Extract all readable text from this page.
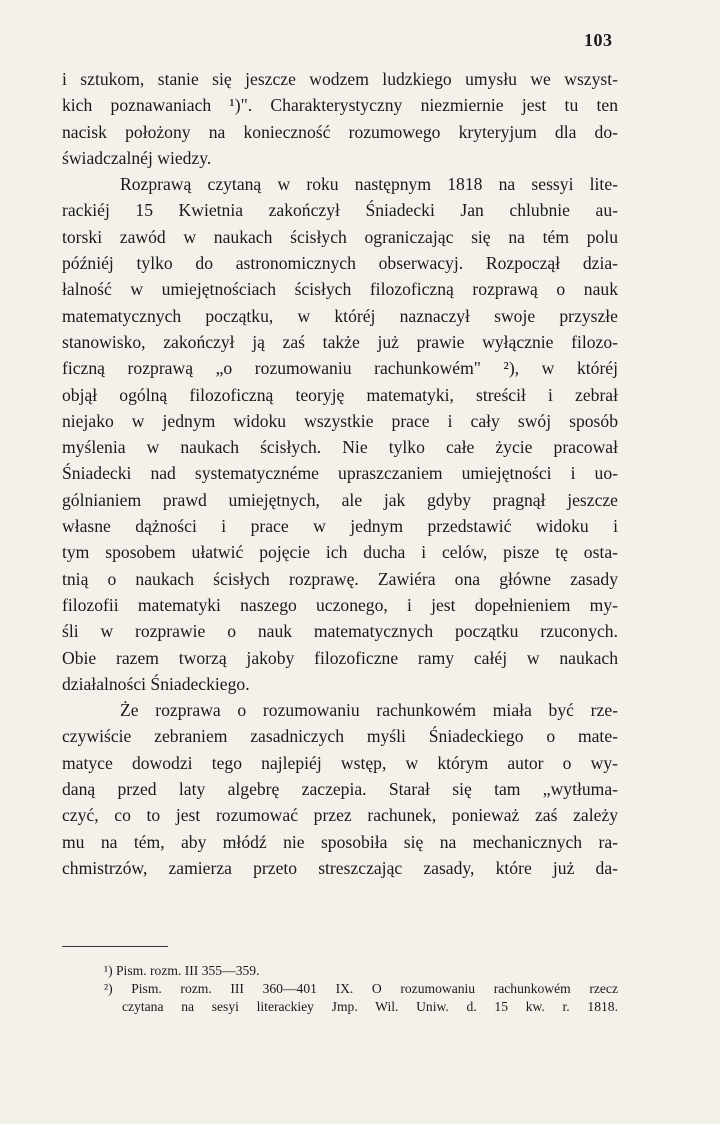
103
i sztukom, stanie się jeszcze wodzem ludzkiego umysłu we wszyst-
kich poznawaniach ¹)". Charakterystyczny niezmiernie jest tu ten
nacisk położony na konieczność rozumowego kryteryjum dla do-
świadczalnéj wiedzy.
Rozprawą czytaną w roku następnym 1818 na sessyi lite-
rackiéj 15 Kwietnia zakończył Śniadecki Jan chlubnie au-
torski zawód w naukach ścisłych ograniczając się na tém polu
późniéj tylko do astronomicznych obserwacyj. Rozpoczął dzia-
łalność w umiejętnościach ścisłych filozoficzną rozprawą o nauk
matematycznych początku, w któréj naznaczył swoje przyszłe
stanowisko, zakończył ją zaś także już prawie wyłącznie filozo-
ficzną rozprawą „o rozumowaniu rachunkowém" ²), w któréj
objął ogólną filozoficzną teoryję matematyki, streścił i zebrał
niejako w jednym widoku wszystkie prace i cały swój sposób
myślenia w naukach ścisłych. Nie tylko całe życie pracował
Śniadecki nad systematycznéme upraszczaniem umiejętności i uo-
gólnianiem prawd umiejętnych, ale jak gdyby pragnął jeszcze
własne dążności i prace w jednym przedstawić widoku i
tym sposobem ułatwić pojęcie ich ducha i celów, pisze tę osta-
tnią o naukach ścisłych rozprawę. Zawiéra ona główne zasady
filozofii matematyki naszego uczonego, i jest dopełnieniem my-
śli w rozprawie o nauk matematycznych początku rzuconych.
Obie razem tworzą jakoby filozoficzne ramy całéj w naukach
działalności Śniadeckiego.
Że rozprawa o rozumowaniu rachunkowém miała być rze-
czywiście zebraniem zasadniczych myśli Śniadeckiego o mate-
matyce dowodzi tego najlepiéj wstęp, w którym autor o wy-
daną przed laty algebrę zaczepia. Starał się tam „wytłuma-
czyć, co to jest rozumować przez rachunek, ponieważ zaś zależy
mu na tém, aby młódź nie sposobiła się na mechanicznych ra-
chmistrzów, zamierza przeto streszczając zasady, które już da-
¹) Pism. rozm. III 355—359.
²) Pism. rozm. III 360—401 IX. O rozumowaniu rachunkowém rzecz
czytana na sesyi literackiey Jmp. Wil. Uniw. d. 15 kw. r. 1818.
